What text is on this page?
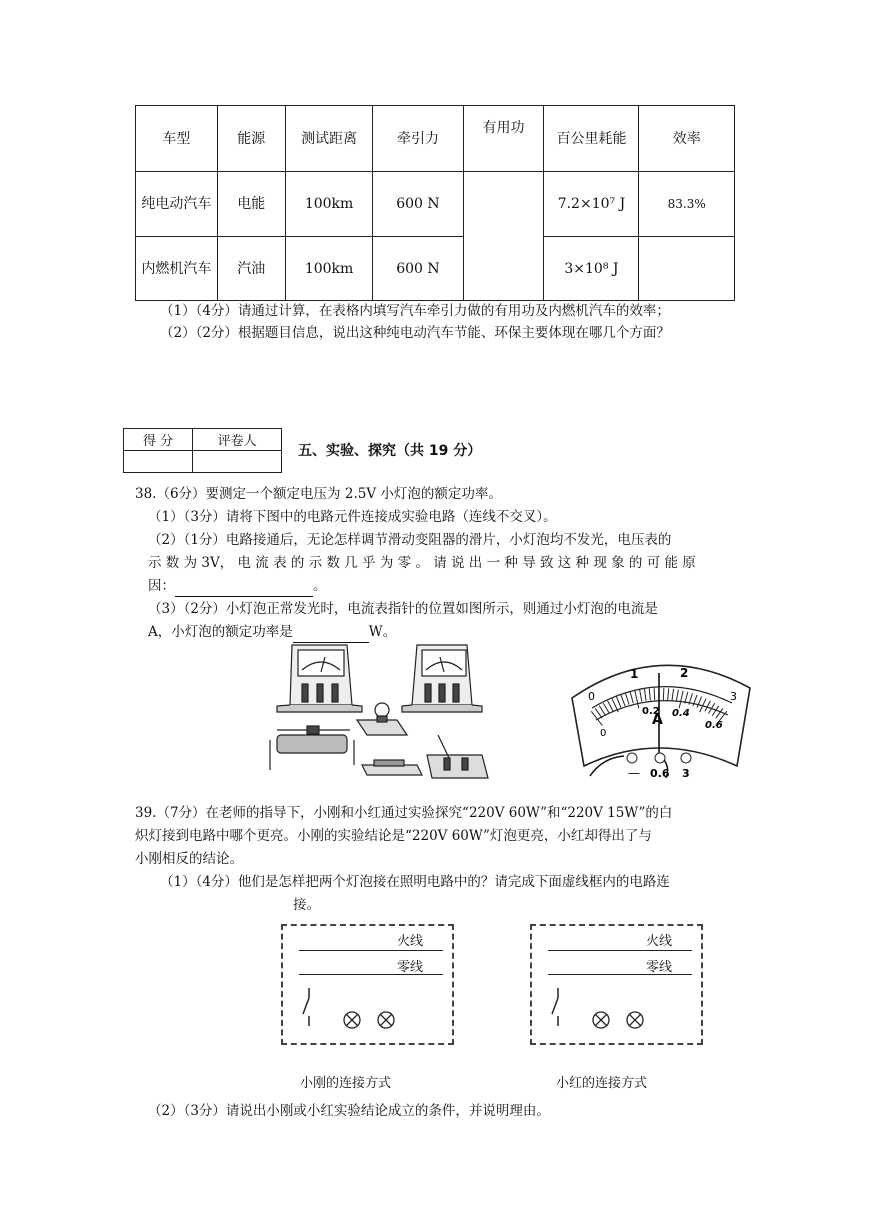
车型	能源	测试距离	牵引力	有用功	百公里耗能	效率
纯电动汽车	电能	100km	600 N		7.2×10⁷ J	83.3%
内燃机汽车	汽油	100km	600 N		3×10⁸ J	
（1）（4分）请通过计算，在表格内填写汽车牵引力做的有用功及内燃机汽车的效率；
（2）（2分）根据题目信息，说出这种纯电动汽车节能、环保主要体现在哪几个方面？
得 分	评卷人

五、实验、探究（共 19 分）
38.（6分）要测定一个额定电压为 2.5V 小灯泡的额定功率。
（1）（3分）请将下图中的电路元件连接成实验电路（连线不交叉）。
（2）（1分）电路接通后，无论怎样调节滑动变阻器的滑片，小灯泡均不发光，电压表的
示 数 为 3V， 电 流 表 的 示 数 几 乎 为 零 。 请 说 出 一 种 导 致 这 种 现 象 的 可 能 原
因：	。
（3）（2分）小灯泡正常发光时，电流表指针的位置如图所示，则通过小灯泡的电流是
A，小灯泡的额定功率是	W。
0
1	2
3
0
0.2 0.4
0.6
A
— 0.6 3
39.（7分）在老师的指导下，小刚和小红通过实验探究“220V 60W”和“220V 15W”的白
炽灯接到电路中哪个更亮。小刚的实验结论是“220V 60W”灯泡更亮，小红却得出了与
小刚相反的结论。
（1）（4分）他们是怎样把两个灯泡接在照明电路中的？请完成下面虚线框内的电路连
接。
火线
零线
小刚的连接方式
火线
零线
小红的连接方式
（2）（3分）请说出小刚或小红实验结论成立的条件，并说明理由。
